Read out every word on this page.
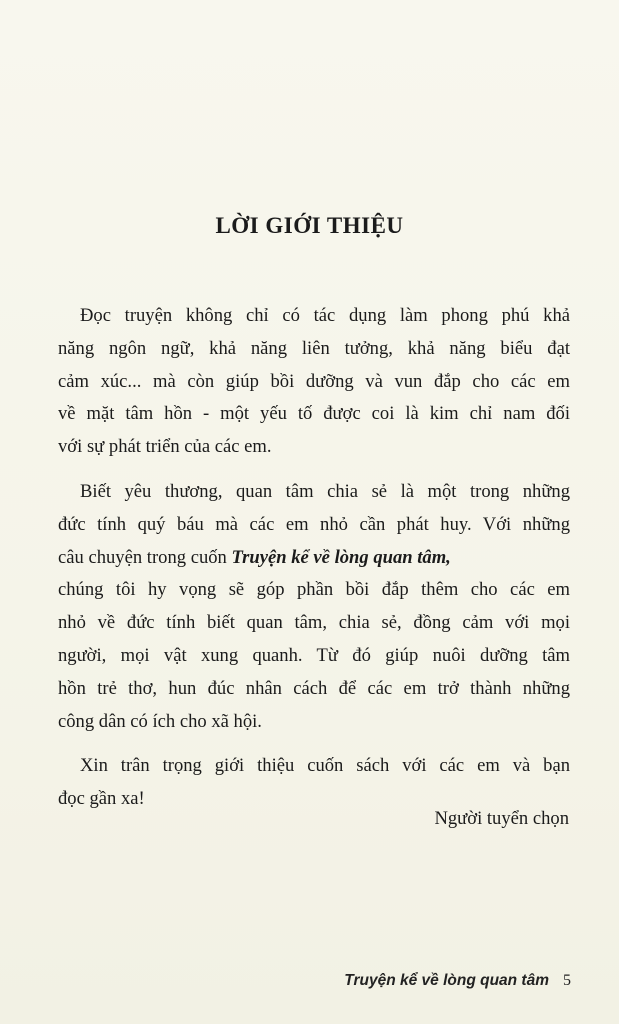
LỜI GIỚI THIỆU

Đọc truyện không chỉ có tác dụng làm phong phú khả
năng ngôn ngữ, khả năng liên tưởng, khả năng biểu đạt
cảm xúc... mà còn giúp bồi dưỡng và vun đắp cho các em
về mặt tâm hồn - một yếu tố được coi là kim chỉ nam đối
với sự phát triển của các em.

Biết yêu thương, quan tâm chia sẻ là một trong những
đức tính quý báu mà các em nhỏ cần phát huy. Với những
câu chuyện trong cuốn Truyện kể về lòng quan tâm,
chúng tôi hy vọng sẽ góp phần bồi đắp thêm cho các em
nhỏ về đức tính biết quan tâm, chia sẻ, đồng cảm với mọi
người, mọi vật xung quanh. Từ đó giúp nuôi dưỡng tâm
hồn trẻ thơ, hun đúc nhân cách để các em trở thành những
công dân có ích cho xã hội.

Xin trân trọng giới thiệu cuốn sách với các em và bạn
đọc gần xa!

Người tuyển chọn
Truyện kể về lòng quan tâm 5
